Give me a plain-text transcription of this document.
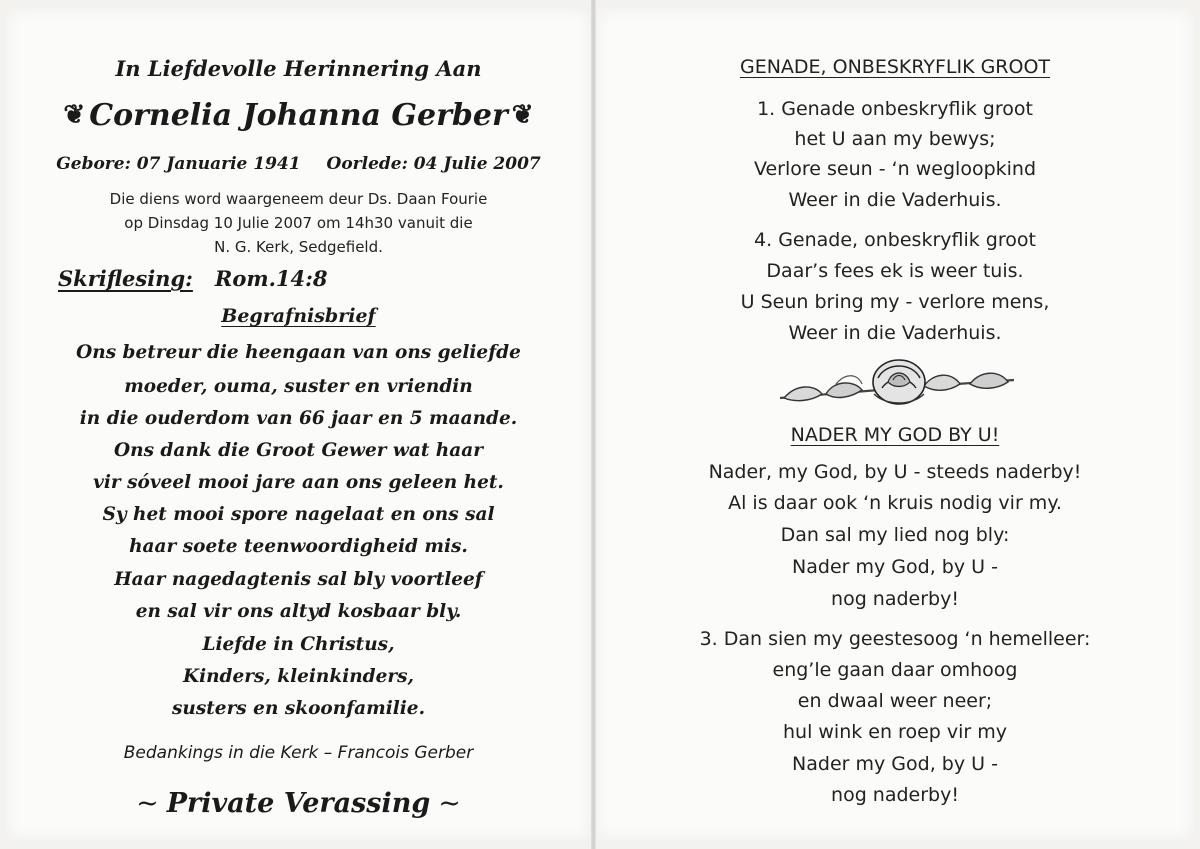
In Liefdevolle Herinnering Aan
❦ Cornelia Johanna Gerber ❦
Gebore: 07 Januarie 1941 Oorlede: 04 Julie 2007
Die diens word waargeneem deur Ds. Daan Fourie
op Dinsdag 10 Julie 2007 om 14h30 vanuit die
N. G. Kerk, Sedgefield.
Skriflesing: Rom.14:8
Begrafnisbrief
Ons betreur die heengaan van ons geliefde
moeder, ouma, suster en vriendin
in die ouderdom van 66 jaar en 5 maande.
Ons dank die Groot Gewer wat haar
vir sóveel mooi jare aan ons geleen het.
Sy het mooi spore nagelaat en ons sal
haar soete teenwoordigheid mis.
Haar nagedagtenis sal bly voortleef
en sal vir ons altyd kosbaar bly.
Liefde in Christus,
Kinders, kleinkinders,
susters en skoonfamilie.
Bedankings in die Kerk – Francois Gerber
~ Private Verassing ~
GENADE, ONBESKRYFLIK GROOT
1. Genade onbeskryflik groot
het U aan my bewys;
Verlore seun - ‘n wegloopkind
Weer in die Vaderhuis.
4. Genade, onbeskryflik groot
Daar’s fees ek is weer tuis.
U Seun bring my - verlore mens,
Weer in die Vaderhuis.
NADER MY GOD BY U!
Nader, my God, by U - steeds naderby!
Al is daar ook ‘n kruis nodig vir my.
Dan sal my lied nog bly:
Nader my God, by U -
nog naderby!
3. Dan sien my geestesoog ‘n hemelleer:
eng’le gaan daar omhoog
en dwaal weer neer;
hul wink en roep vir my
Nader my God, by U -
nog naderby!
